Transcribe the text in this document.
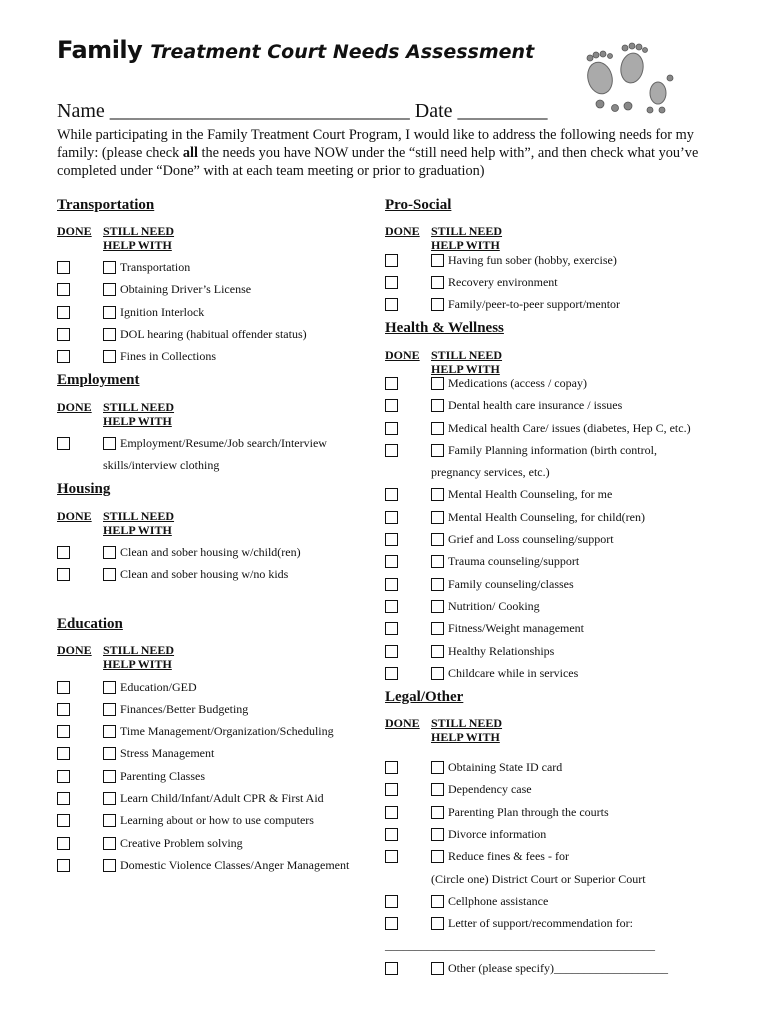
Family Treatment Court Needs Assessment
Name ______________________________ Date _________
While participating in the Family Treatment Court Program, I would like to address the following needs for my family: (please check all the needs you have NOW under the “still need help with”, and then check what you’ve completed under “Done” with at each team meeting or prior to graduation)
Transportation
DONE STILL NEED
HELP WITH
Employment
DONE STILL NEED
HELP WITH
skills/interview clothing
Housing
DONE STILL NEED
HELP WITH
Education
DONE STILL NEED
HELP WITH
Pro-Social
DONE STILL NEED
HELP WITH
Health & Wellness
DONE STILL NEED
HELP WITH
pregnancy services, etc.)
Legal/Other
DONE STILL NEED
HELP WITH
(Circle one) District Court or Superior Court
_____________________________________________
Transportation
Obtaining Driver’s License
Ignition Interlock
DOL hearing (habitual offender status)
Fines in Collections
Employment/Resume/Job search/Interview
Clean and sober housing w/child(ren)
Clean and sober housing w/no kids
Education/GED
Finances/Better Budgeting
Time Management/Organization/Scheduling
Stress Management
Parenting Classes
Learn Child/Infant/Adult CPR & First Aid
Learning about or how to use computers
Creative Problem solving
Domestic Violence Classes/Anger Management
Having fun sober (hobby, exercise)
Recovery environment
Family/peer-to-peer support/mentor
Medications (access / copay)
Dental health care insurance / issues
Medical health Care/ issues (diabetes, Hep C, etc.)
Family Planning information (birth control,
Mental Health Counseling, for me
Mental Health Counseling, for child(ren)
Grief and Loss counseling/support
Trauma counseling/support
Family counseling/classes
Nutrition/ Cooking
Fitness/Weight management
Healthy Relationships
Childcare while in services
Obtaining State ID card
Dependency case
Parenting Plan through the courts
Divorce information
Reduce fines & fees - for
Cellphone assistance
Letter of support/recommendation for:
Other (please specify)___________________
